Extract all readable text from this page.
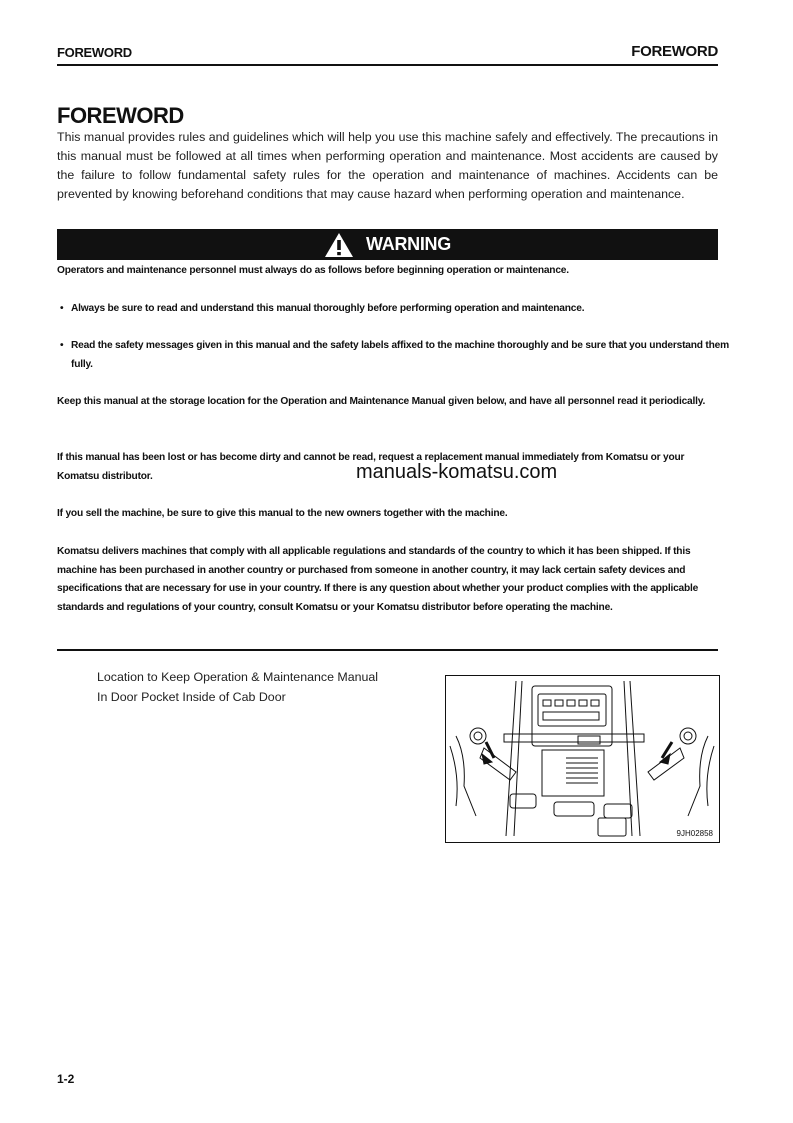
FOREWORD	FOREWORD
FOREWORD

This manual provides rules and guidelines which will help you use this machine safely and effectively. The precautions in this manual must be followed at all times when performing operation and maintenance. Most accidents are caused by the failure to follow fundamental safety rules for the operation and maintenance of machines. Accidents can be prevented by knowing beforehand conditions that may cause hazard when performing operation and maintenance.

WARNING

Operators and maintenance personnel must always do as follows before beginning operation or maintenance.

• Always be sure to read and understand this manual thoroughly before performing operation and maintenance.

• Read the safety messages given in this manual and the safety labels affixed to the machine thoroughly and be sure that you understand them fully.

Keep this manual at the storage location for the Operation and Maintenance Manual given below, and have all personnel read it periodically.

If this manual has been lost or has become dirty and cannot be read, request a replacement manual immediately from Komatsu or your Komatsu distributor.

If you sell the machine, be sure to give this manual to the new owners together with the machine.

Komatsu delivers machines that comply with all applicable regulations and standards of the country to which it has been shipped. If this machine has been purchased in another country or purchased from someone in another country, it may lack certain safety devices and specifications that are necessary for use in your country. If there is any question about whether your product complies with the applicable standards and regulations of your country, consult Komatsu or your Komatsu distributor before operating the machine.

manuals-komatsu.com

Location to Keep Operation & Maintenance Manual

In Door Pocket Inside of Cab Door

9JH02858

1-2
